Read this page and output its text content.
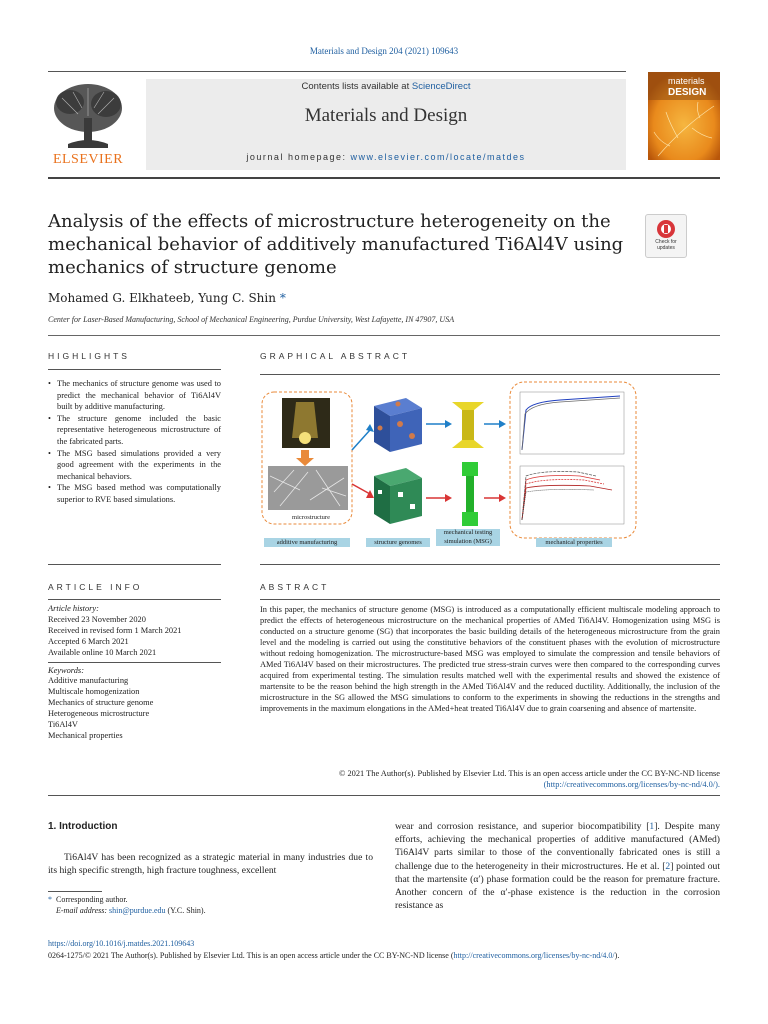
Materials and Design 204 (2021) 109643
ELSEVIER
Contents lists available at ScienceDirect
Materials and Design
journal homepage: www.elsevier.com/locate/matdes
materials
DESIGN
Analysis of the effects of microstructure heterogeneity on the mechanical behavior of additively manufactured Ti6Al4V using mechanics of structure genome
Check for updates
Mohamed G. Elkhateeb, Yung C. Shin *
Center for Laser-Based Manufacturing, School of Mechanical Engineering, Purdue University, West Lafayette, IN 47907, USA
HIGHLIGHTS
• The mechanics of structure genome was used to predict the mechanical behavior of Ti6Al4V built by additive manufacturing.
• The structure genome included the basic representative heterogeneous microstructure of the fabricated parts.
• The MSG based simulations provided a very good agreement with the experiments in the mechanical behaviors.
• The MSG based method was computationally superior to RVE based simulations.
GRAPHICAL ABSTRACT
microstructure
additive manufacturing	structure genomes
mechanical testing
simulation (MSG)	mechanical properties
ARTICLE INFO
Article history:
Received 23 November 2020
Received in revised form 1 March 2021
Accepted 6 March 2021
Available online 10 March 2021
Keywords:
Additive manufacturing
Multiscale homogenization
Mechanics of structure genome
Heterogeneous microstructure
Ti6Al4V
Mechanical properties
ABSTRACT
In this paper, the mechanics of structure genome (MSG) is introduced as a computationally efficient multiscale modeling approach to predict the effects of heterogeneous microstructure on the mechanical properties of AMed Ti6Al4V. Homogenization using MSG is conducted on a structure genome (SG) that incorporates the basic building details of the heterogeneous microstructure from the grain level and the modeling is carried out using the constitutive behaviors of the constituent phases with the evolution of microstructure without redoing homogenization. The microstructure-based MSG was employed to simulate the compression and tensile behaviors of AMed Ti6Al4V based on their microstructures. The predicted true stress-strain curves were then compared to the corresponding curves acquired from experimental testing. The simulation results matched well with the experimental results and showed the existence of martensite to be the reason behind the high strength in the AMed Ti6Al4V and the reduced ductility. Additionally, the inclusion of the microstructure in the SG allowed the MSG simulations to conform to the experiments in showing the reductions in the strengths and improvements in the maximum elongations in the AMed+heat treated Ti6Al4V due to grain coarsening and absence of martensite.
© 2021 The Author(s). Published by Elsevier Ltd. This is an open access article under the CC BY-NC-ND license
(http://creativecommons.org/licenses/by-nc-nd/4.0/).
1. Introduction
Ti6Al4V has been recognized as a strategic material in many industries due to its high specific strength, high fracture toughness, excellent
wear and corrosion resistance, and superior biocompatibility [1]. Despite many efforts, achieving the mechanical properties of additive manufactured (AMed) Ti6Al4V parts similar to those of the conventionally fabricated ones is still a challenge due to the heterogeneity in their microstructures. He et al. [2] pointed out that the martensite (α′) phase formation could be the reason for premature fracture. Another concern of the α′-phase existence is the reduction in the corrosion resistance as
* Corresponding author.
E-mail address: shin@purdue.edu (Y.C. Shin).
https://doi.org/10.1016/j.matdes.2021.109643
0264-1275/© 2021 The Author(s). Published by Elsevier Ltd. This is an open access article under the CC BY-NC-ND license (http://creativecommons.org/licenses/by-nc-nd/4.0/).
